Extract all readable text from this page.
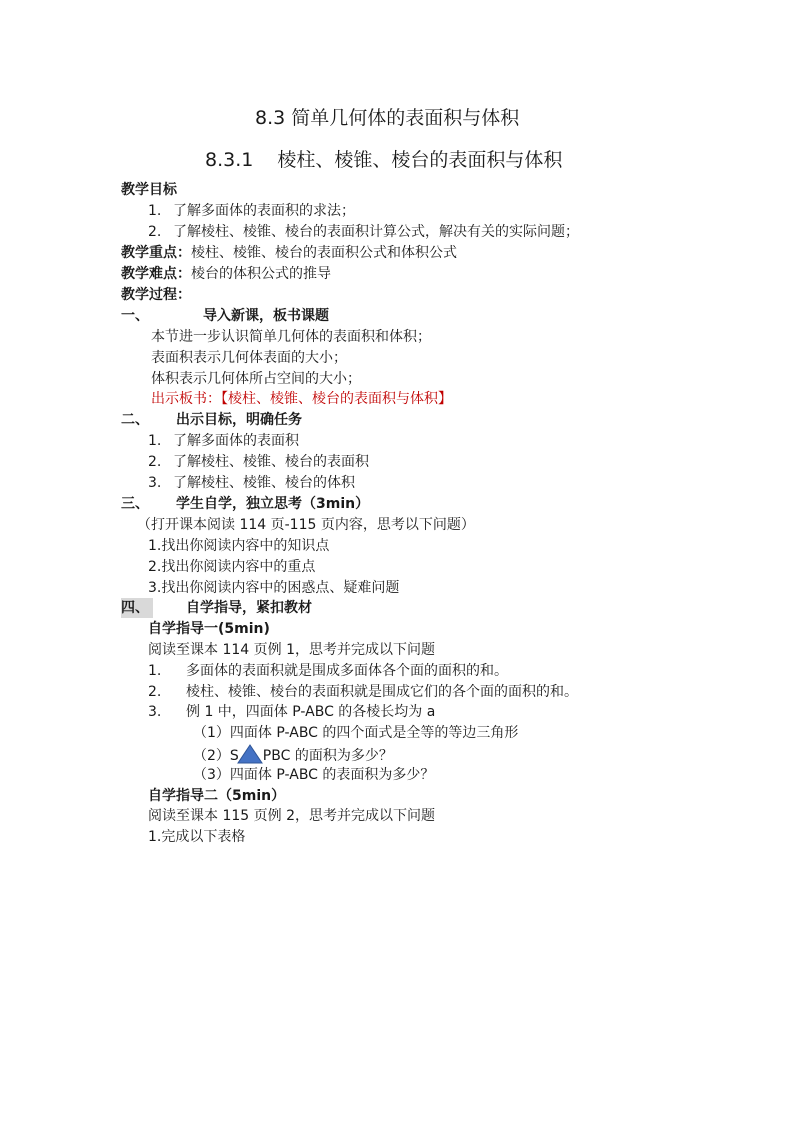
8.3 简单几何体的表面积与体积
8.3.1 棱柱、棱锥、棱台的表面积与体积
教学目标
1. 了解多面体的表面积的求法；
2. 了解棱柱、棱锥、棱台的表面积计算公式，解决有关的实际问题；
教学重点：棱柱、棱锥、棱台的表面积公式和体积公式
教学难点：棱台的体积公式的推导
教学过程：
一、	导入新课，板书课题
本节进一步认识简单几何体的表面积和体积；
表面积表示几何体表面的大小；
体积表示几何体所占空间的大小；
出示板书：【棱柱、棱锥、棱台的表面积与体积】
二、 出示目标，明确任务
1. 了解多面体的表面积
2. 了解棱柱、棱锥、棱台的表面积
3. 了解棱柱、棱锥、棱台的体积
三、 学生自学，独立思考（3min）
（打开课本阅读 114 页-115 页内容，思考以下问题）
1.找出你阅读内容中的知识点
2.找出你阅读内容中的重点
3.找出你阅读内容中的困惑点、疑难问题
四、	自学指导，紧扣教材
自学指导一(5min)
阅读至课本 114 页例 1，思考并完成以下问题
1. 多面体的表面积就是围成多面体各个面的面积的和。
2. 棱柱、棱锥、棱台的表面积就是围成它们的各个面的面积的和。
3. 例 1 中，四面体 P-ABC 的各棱长均为 a
（1）四面体 P-ABC 的四个面式是全等的等边三角形
（2）S PBC 的面积为多少？
（3）四面体 P-ABC 的表面积为多少？
自学指导二（5min）
阅读至课本 115 页例 2，思考并完成以下问题
1.完成以下表格
